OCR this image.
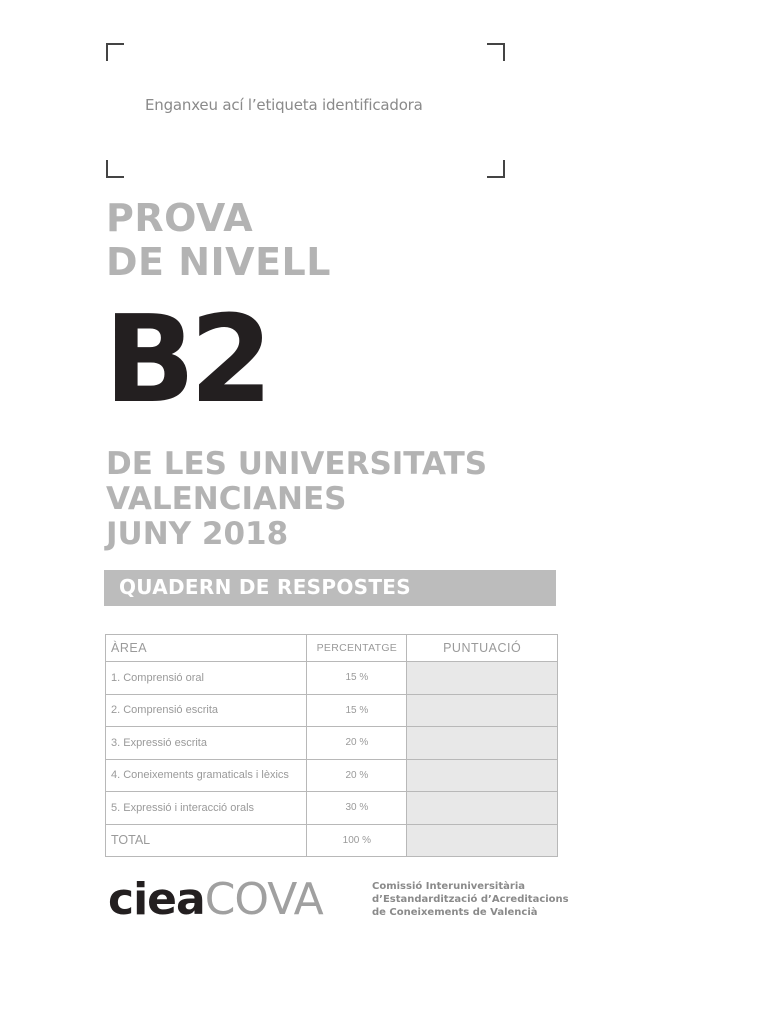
Enganxeu ací l’etiqueta identificadora
PROVA
DE NIVELL
B2
DE LES UNIVERSITATS
VALENCIANES
JUNY 2018
QUADERN DE RESPOSTES
ÀREA	PERCENTATGE	PUNTUACIÓ
1. Comprensió oral	15 %	
2. Comprensió escrita	15 %	
3. Expressió escrita	20 %	
4. Coneixements gramaticals i lèxics	20 %	
5. Expressió i interacció orals	30 %	
TOTAL	100 %	
cieaCOVA	Comissió Interuniversitària
d’Estandardització d’Acreditacions
de Coneixements de Valencià
